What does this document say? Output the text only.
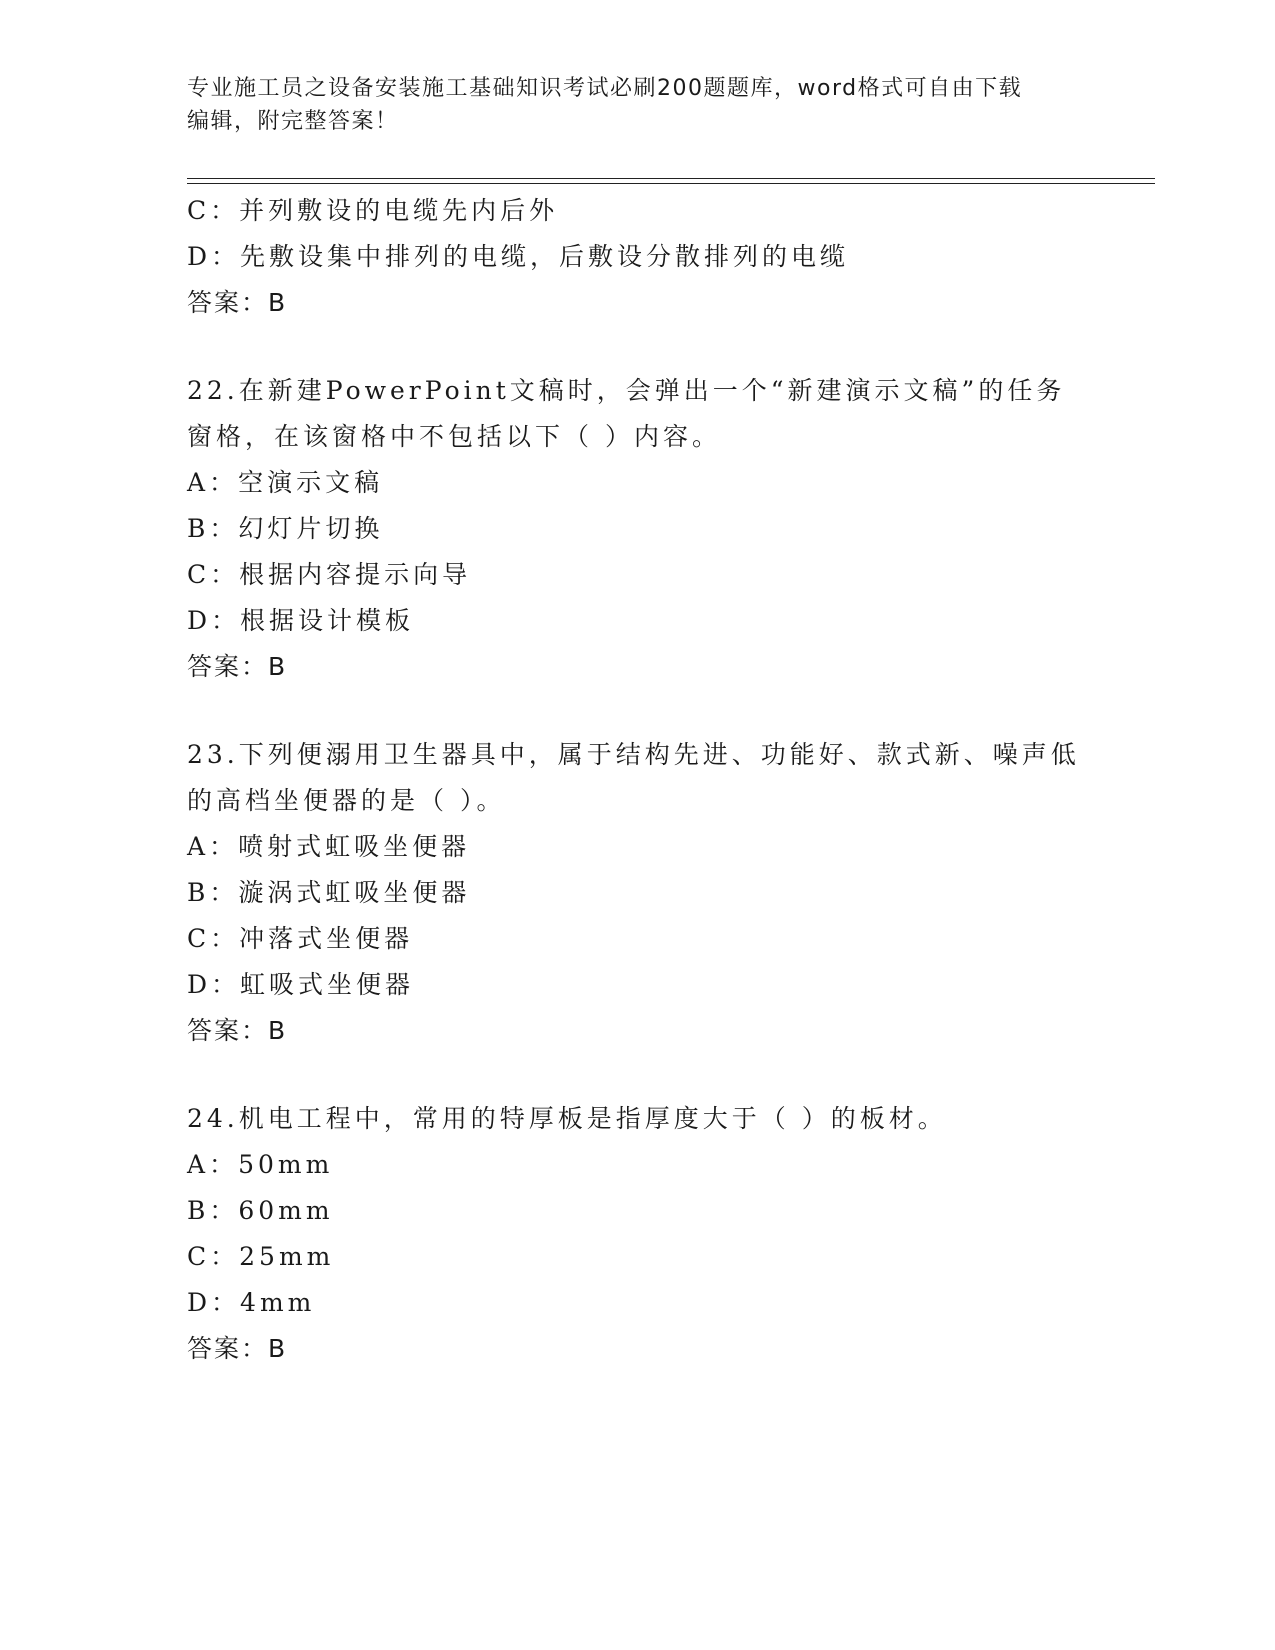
专业施工员之设备安装施工基础知识考试必刷200题题库，word格式可自由下载
编辑，附完整答案！
C：并列敷设的电缆先内后外
D：先敷设集中排列的电缆，后敷设分散排列的电缆
答案：B
22.在新建PowerPoint文稿时，会弹出一个“新建演示文稿”的任务
窗格，在该窗格中不包括以下（ ）内容。
A：空演示文稿
B：幻灯片切换
C：根据内容提示向导
D：根据设计模板
答案：B
23.下列便溺用卫生器具中，属于结构先进、功能好、款式新、噪声低
的高档坐便器的是（ ）。
A：喷射式虹吸坐便器
B：漩涡式虹吸坐便器
C：冲落式坐便器
D：虹吸式坐便器
答案：B
24.机电工程中，常用的特厚板是指厚度大于（ ）的板材。
A：50mm
B：60mm
C：25mm
D：4mm
答案：B
